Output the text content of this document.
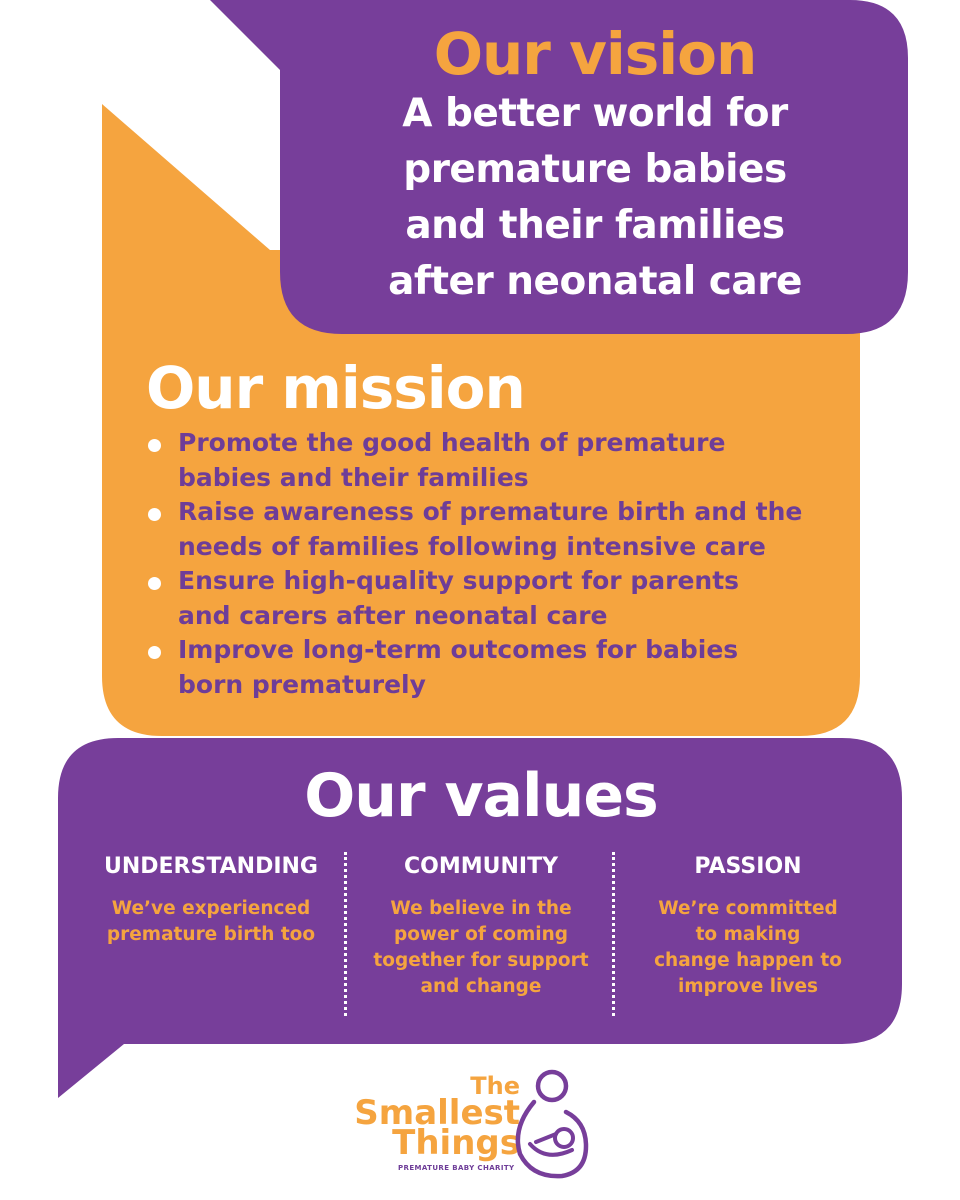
Our vision
A better world for
premature babies
and their families
after neonatal care
Our mission
Promote the good health of premature
babies and their families
Raise awareness of premature birth and the
needs of families following intensive care
Ensure high-quality support for parents
and carers after neonatal care
Improve long-term outcomes for babies
born prematurely
Our values
UNDERSTANDING
We’ve experienced
premature birth too
COMMUNITY
We believe in the
power of coming
together for support
and change
PASSION
We’re committed
to making
change happen to
improve lives
The
Smallest
Things
PREMATURE BABY CHARITY
